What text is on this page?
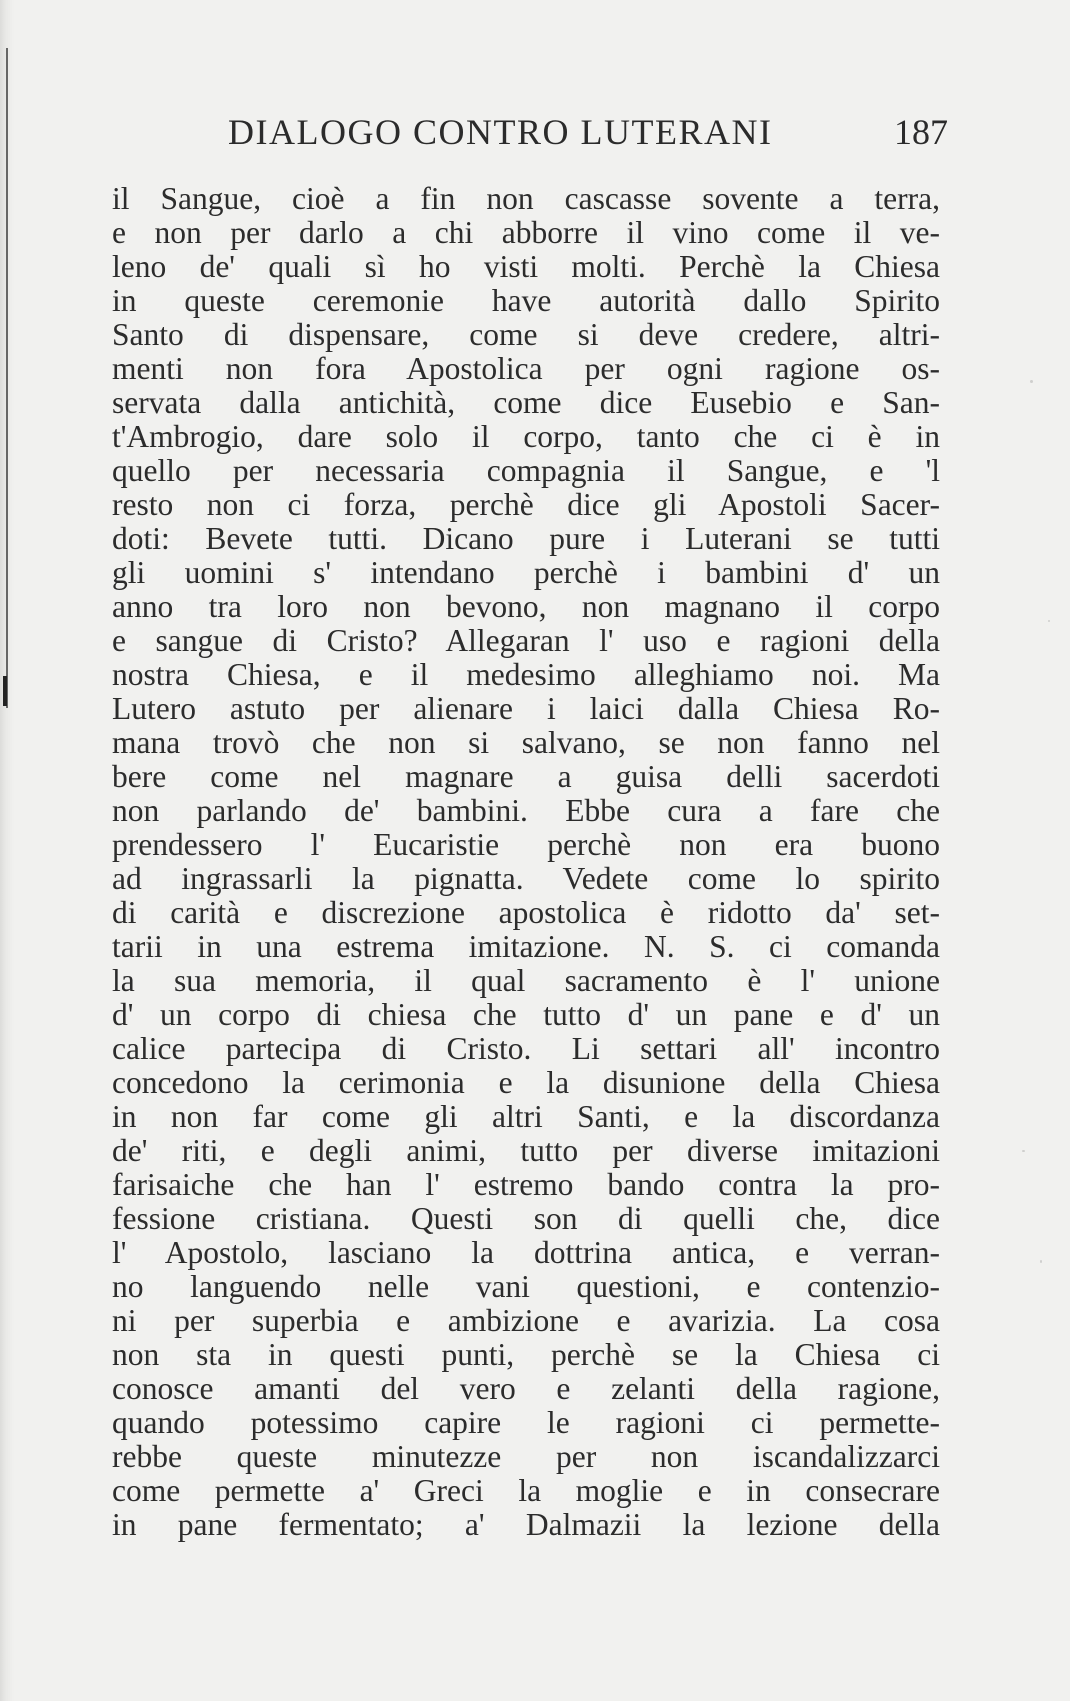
DIALOGO CONTRO LUTERANI	187
il Sangue, cioè a fin non cascasse sovente a terra,
e non per darlo a chi abborre il vino come il ve-
leno de' quali sì ho visti molti. Perchè la Chiesa
in queste ceremonie have autorità dallo Spirito
Santo di dispensare, come si deve credere, altri-
menti non fora Apostolica per ogni ragione os-
servata dalla antichità, come dice Eusebio e San-
t'Ambrogio, dare solo il corpo, tanto che ci è in
quello per necessaria compagnia il Sangue, e 'l
resto non ci forza, perchè dice gli Apostoli Sacer-
doti: Bevete tutti. Dicano pure i Luterani se tutti
gli uomini s' intendano perchè i bambini d' un
anno tra loro non bevono, non magnano il corpo
e sangue di Cristo? Allegaran l' uso e ragioni della
nostra Chiesa, e il medesimo alleghiamo noi. Ma
Lutero astuto per alienare i laici dalla Chiesa Ro-
mana trovò che non si salvano, se non fanno nel
bere come nel magnare a guisa delli sacerdoti
non parlando de' bambini. Ebbe cura a fare che
prendessero l' Eucaristie perchè non era buono
ad ingrassarli la pignatta. Vedete come lo spirito
di carità e discrezione apostolica è ridotto da' set-
tarii in una estrema imitazione. N. S. ci comanda
la sua memoria, il qual sacramento è l' unione
d' un corpo di chiesa che tutto d' un pane e d' un
calice partecipa di Cristo. Li settari all' incontro
concedono la cerimonia e la disunione della Chiesa
in non far come gli altri Santi, e la discordanza
de' riti, e degli animi, tutto per diverse imitazioni
farisaiche che han l' estremo bando contra la pro-
fessione cristiana. Questi son di quelli che, dice
l' Apostolo, lasciano la dottrina antica, e verran-
no languendo nelle vani questioni, e contenzio-
ni per superbia e ambizione e avarizia. La cosa
non sta in questi punti, perchè se la Chiesa ci
conosce amanti del vero e zelanti della ragione,
quando potessimo capire le ragioni ci permette-
rebbe queste minutezze per non iscandalizzarci
come permette a' Greci la moglie e in consecrare
in pane fermentato; a' Dalmazii la lezione della
